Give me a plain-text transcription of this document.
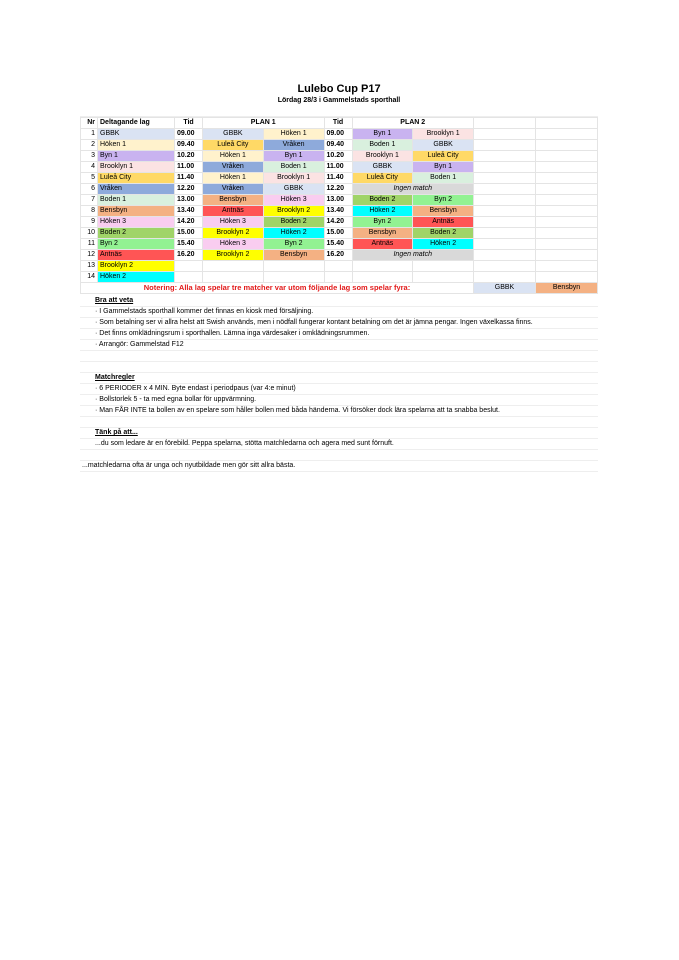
Lulebo Cup P17
Lördag 28/3 i Gammelstads sporthall
Nr	Deltagande lag	Tid	PLAN 1		Tid	PLAN 2			
1	GBBK	09.00	GBBK	Höken 1	09.00	Byn 1	Brooklyn 1		
2	Höken 1	09.40	Luleå City	Vråken	09.40	Boden 1	GBBK		
3	Byn 1	10.20	Höken 1	Byn 1	10.20	Brooklyn 1	Luleå City		
4	Brooklyn 1	11.00	Vråken	Boden 1	11.00	GBBK	Byn 1		
5	Luleå City	11.40	Höken 1	Brooklyn 1	11.40	Luleå City	Boden 1		
6	Vråken	12.20	Vråken	GBBK	12.20	Ingen match			
7	Boden 1	13.00	Bensbyn	Höken 3	13.00	Boden 2	Byn 2		
8	Bensbyn	13.40	Antnäs	Brooklyn 2	13.40	Höken 2	Bensbyn		
9	Höken 3	14.20	Höken 3	Boden 2	14.20	Byn 2	Antnäs		
10	Boden 2	15.00	Brooklyn 2	Höken 2	15.00	Bensbyn	Boden 2		
11	Byn 2	15.40	Höken 3	Byn 2	15.40	Antnäs	Höken 2		
12	Antnäs	16.20	Brooklyn 2	Bensbyn	16.20	Ingen match			
13	Brooklyn 2								
14	Höken 2								
Notering: Alla lag spelar tre matcher var utom följande lag som spelar fyra:								GBBK	Bensbyn
Bra att veta
· I Gammelstads sporthall kommer det finnas en kiosk med försäljning.
· Som betalning ser vi allra helst att Swish används, men i nödfall fungerar kontant betalning om det är jämna pengar. Ingen växelkassa finns.
· Det finns omklädningsrum i sporthallen. Lämna inga värdesaker i omklädningsrummen.
· Arrangör: Gammelstad F12
Matchregler
· 6 PERIODER x 4 MIN. Byte endast i periodpaus (var 4:e minut)
· Bollstorlek 5 - ta med egna bollar för uppvärmning.
· Man FÅR INTE ta bollen av en spelare som håller bollen med båda händerna. Vi försöker dock lära spelarna att ta snabba beslut.
Tänk på att...
...du som ledare är en förebild. Peppa spelarna, stötta matchledarna och agera med sunt förnuft.
...matchledarna ofta är unga och nyutbildade men gör sitt allra bästa.
